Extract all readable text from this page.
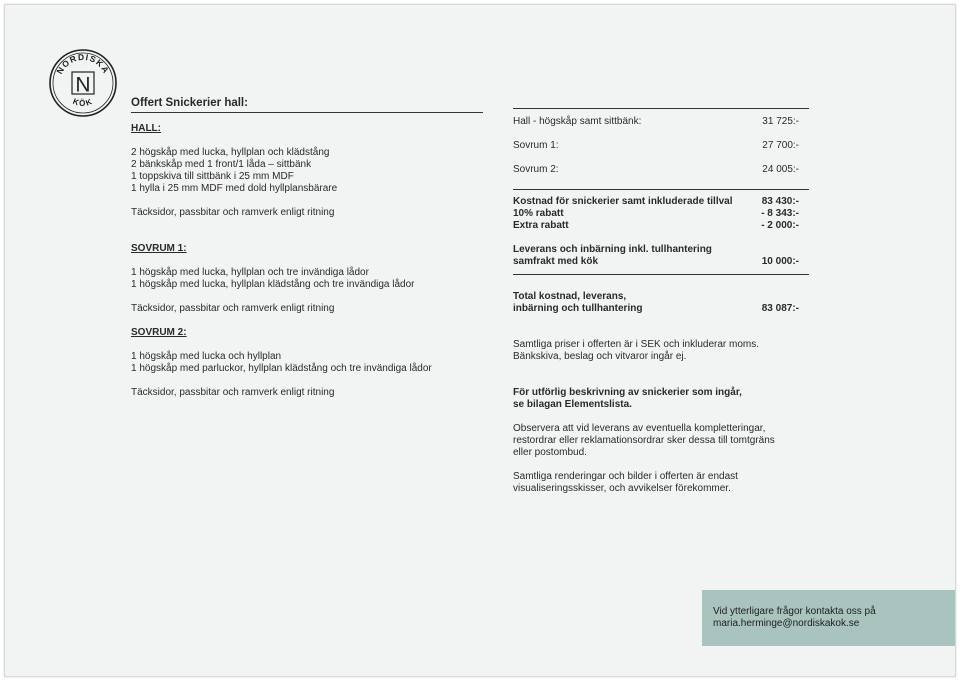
NORDISKA
KÖK
N
Offert Snickerier hall:
HALL:

2 högskåp med lucka, hyllplan och klädstång

2 bänkskåp med 1 front/1 låda – sittbänk

1 toppskiva till sittbänk i 25 mm MDF

1 hylla i 25 mm MDF med dold hyllplansbärare

Täcksidor, passbitar och ramverk enligt ritning

SOVRUM 1:

1 högskåp med lucka, hyllplan och tre invändiga lådor

1 högskåp med lucka, hyllplan klädstång och tre invändiga lådor

Täcksidor, passbitar och ramverk enligt ritning

SOVRUM 2:

1 högskåp med lucka och hyllplan

1 högskåp med parluckor, hyllplan klädstång och tre invändiga lådor

Täcksidor, passbitar och ramverk enligt ritning

Hall - högskåp samt sittbänk:	31 725:-
Sovrum 1:	27 700:-
Sovrum 2:	24 005:-
Kostnad för snickerier samt inkluderade tillval	83 430:-
10% rabatt	- 8 343:-
Extra rabatt	- 2 000:-
Leverans och inbärning inkl. tullhantering
samfrakt med kök	10 000:-
Total kostnad, leverans,
inbärning och tullhantering	83 087:-

Samtliga priser i offerten är i SEK och inkluderar moms.

Bänkskiva, beslag och vitvaror ingår ej.

För utförlig beskrivning av snickerier som ingår,

se bilagan Elementslista.

Observera att vid leverans av eventuella kompletteringar,

restordrar eller reklamationsordrar sker dessa till tomtgräns

eller postombud.

Samtliga renderingar och bilder i offerten är endast

visualiseringsskisser, och avvikelser förekommer.

Vid ytterligare frågor kontakta oss på
maria.herminge@nordiskakok.se
